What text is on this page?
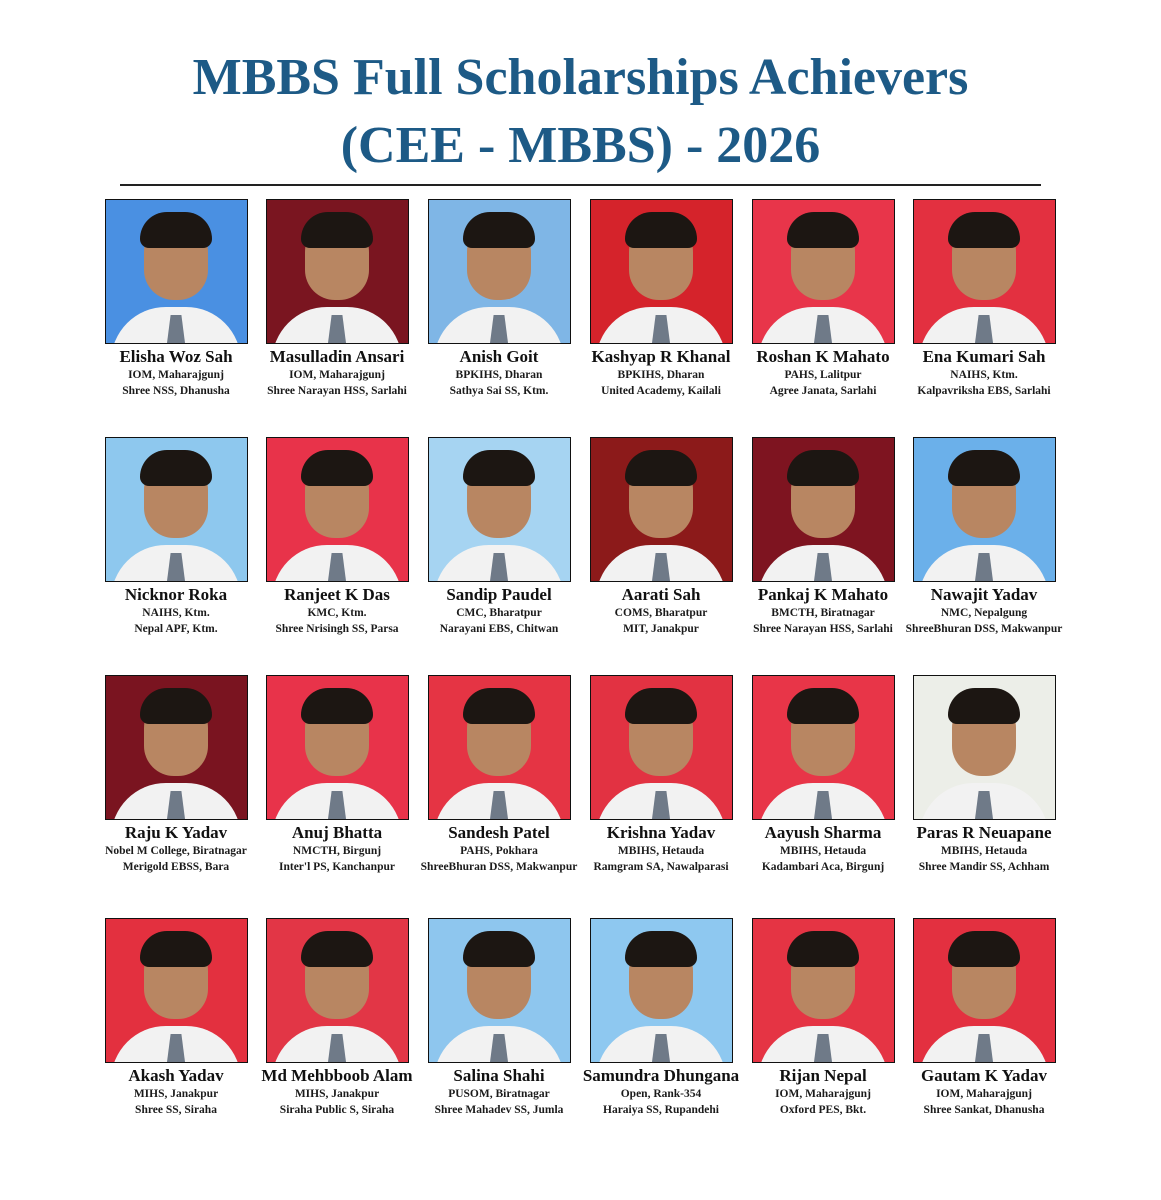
MBBS Full Scholarships Achievers
(CEE - MBBS) - 2026
Elisha Woz Sah
IOM, Maharajgunj
Shree NSS, Dhanusha
Masulladin Ansari
IOM, Maharajgunj
Shree Narayan HSS, Sarlahi
Anish Goit
BPKIHS, Dharan
Sathya Sai SS, Ktm.
Kashyap R Khanal
BPKIHS, Dharan
United Academy, Kailali
Roshan K Mahato
PAHS, Lalitpur
Agree Janata, Sarlahi
Ena Kumari Sah
NAIHS, Ktm.
Kalpavriksha EBS, Sarlahi
Nicknor Roka
NAIHS, Ktm.
Nepal APF, Ktm.
Ranjeet K Das
KMC, Ktm.
Shree Nrisingh SS, Parsa
Sandip Paudel
CMC, Bharatpur
Narayani EBS, Chitwan
Aarati Sah
COMS, Bharatpur
MIT, Janakpur
Pankaj K Mahato
BMCTH, Biratnagar
Shree Narayan HSS, Sarlahi
Nawajit Yadav
NMC, Nepalgung
ShreeBhuran DSS, Makwanpur
Raju K Yadav
Nobel M College, Biratnagar
Merigold EBSS, Bara
Anuj Bhatta
NMCTH, Birgunj
Inter'l PS, Kanchanpur
Sandesh Patel
PAHS, Pokhara
ShreeBhuran DSS, Makwanpur
Krishna Yadav
MBIHS, Hetauda
Ramgram SA, Nawalparasi
Aayush Sharma
MBIHS, Hetauda
Kadambari Aca, Birgunj
Paras R Neuapane
MBIHS, Hetauda
Shree Mandir SS, Achham
Akash Yadav
MIHS, Janakpur
Shree SS, Siraha
Md Mehbboob Alam
MIHS, Janakpur
Siraha Public S, Siraha
Salina Shahi
PUSOM, Biratnagar
Shree Mahadev SS, Jumla
Samundra Dhungana
Open, Rank-354
Haraiya SS, Rupandehi
Rijan Nepal
IOM, Maharajgunj
Oxford PES, Bkt.
Gautam K Yadav
IOM, Maharajgunj
Shree Sankat, Dhanusha
